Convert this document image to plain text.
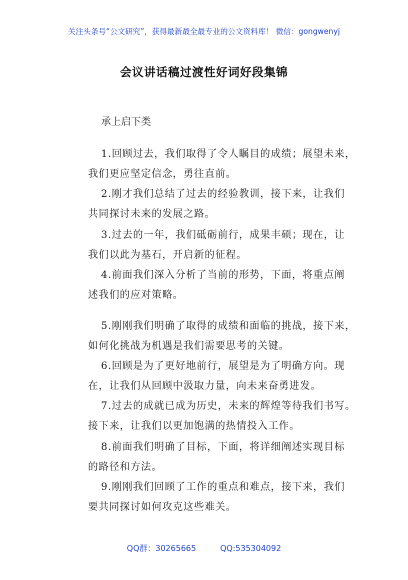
关注头条号“公文研究”，获得最新最全最专业的公文资料库！ 微信：gongwenyj
会议讲话稿过渡性好词好段集锦
承上启下类
1.回顾过去，我们取得了令人瞩目的成绩；展望未来，
我们更应坚定信念，勇往直前。
2.刚才我们总结了过去的经验教训，接下来，让我们
共同探讨未来的发展之路。
3.过去的一年，我们砥砺前行，成果丰硕；现在，让
我们以此为基石，开启新的征程。
4.前面我们深入分析了当前的形势，下面，将重点阐
述我们的应对策略。
5.刚刚我们明确了取得的成绩和面临的挑战，接下来，
如何化挑战为机遇是我们需要思考的关键。
6.回顾是为了更好地前行，展望是为了明确方向。现
在，让我们从回顾中汲取力量，向未来奋勇进发。
7.过去的成就已成为历史，未来的辉煌等待我们书写。
接下来，让我们以更加饱满的热情投入工作。
8.前面我们明确了目标，下面，将详细阐述实现目标
的路径和方法。
9.刚刚我们回顾了工作的重点和难点，接下来，我们
要共同探讨如何攻克这些难关。
QQ群：30265665	QQ:535304092
